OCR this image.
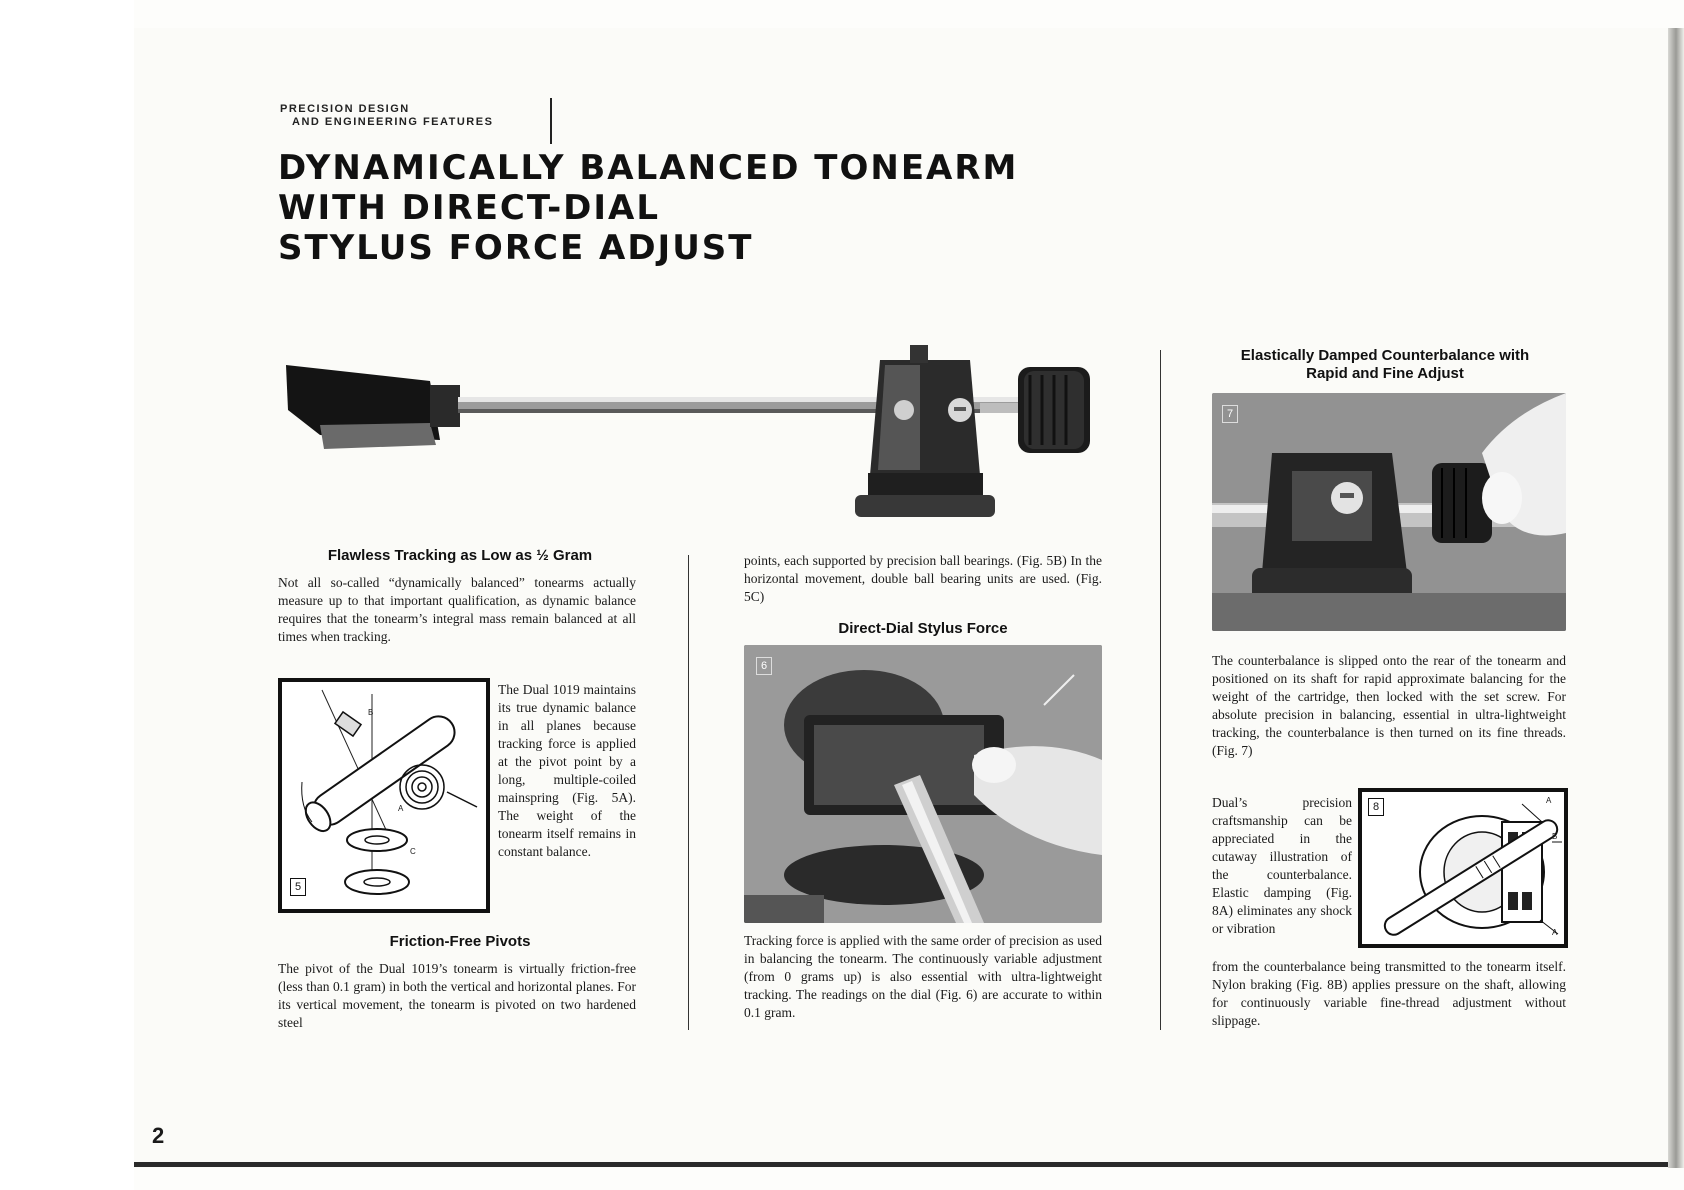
PRECISION DESIGN
AND ENGINEERING FEATURES
DYNAMICALLY BALANCED TONEARM
WITH DIRECT-DIAL
STYLUS FORCE ADJUST
Flawless Tracking as Low as ½ Gram

Not all so-called “dynamically balanced” tonearms actually measure up to that important qualification, as dynamic balance requires that the tonearm’s integral mass remain balanced at all times when tracking.

B
A
C
5

The Dual 1019 maintains its true dynamic balance in all planes because tracking force is applied at the pivot point by a long, multiple-coiled mainspring (Fig. 5A). The weight of the tonearm itself remains in constant balance.

Friction-Free Pivots

The pivot of the Dual 1019’s tonearm is virtually friction-free (less than 0.1 gram) in both the vertical and horizontal planes. For its vertical movement, the tonearm is pivoted on two hardened steel

points, each supported by precision ball bearings. (Fig. 5B) In the horizontal movement, double ball bearing units are used. (Fig. 5C)

Direct-Dial Stylus Force
6

Tracking force is applied with the same order of precision as used in balancing the tonearm. The continuously variable adjustment (from 0 grams up) is also essential with ultra-lightweight tracking. The readings on the dial (Fig. 6) are accurate to within 0.1 gram.

Elastically Damped Counterbalance with
Rapid and Fine Adjust
7

The counterbalance is slipped onto the rear of the tonearm and positioned on its shaft for rapid approximate balancing for the weight of the cartridge, then locked with the set screw. For absolute precision in balancing, essential in ultra-lightweight tracking, the counterbalance is then turned on its fine threads. (Fig. 7)

Dual’s precision craftsmanship can be appreciated in the cutaway illustration of the counterbalance. Elastic damping (Fig. 8A) eliminates any shock or vibration

A
B
A
8

from the counterbalance being transmitted to the tonearm itself. Nylon braking (Fig. 8B) applies pressure on the shaft, allowing for continuously variable fine-thread adjustment without slippage.

2
